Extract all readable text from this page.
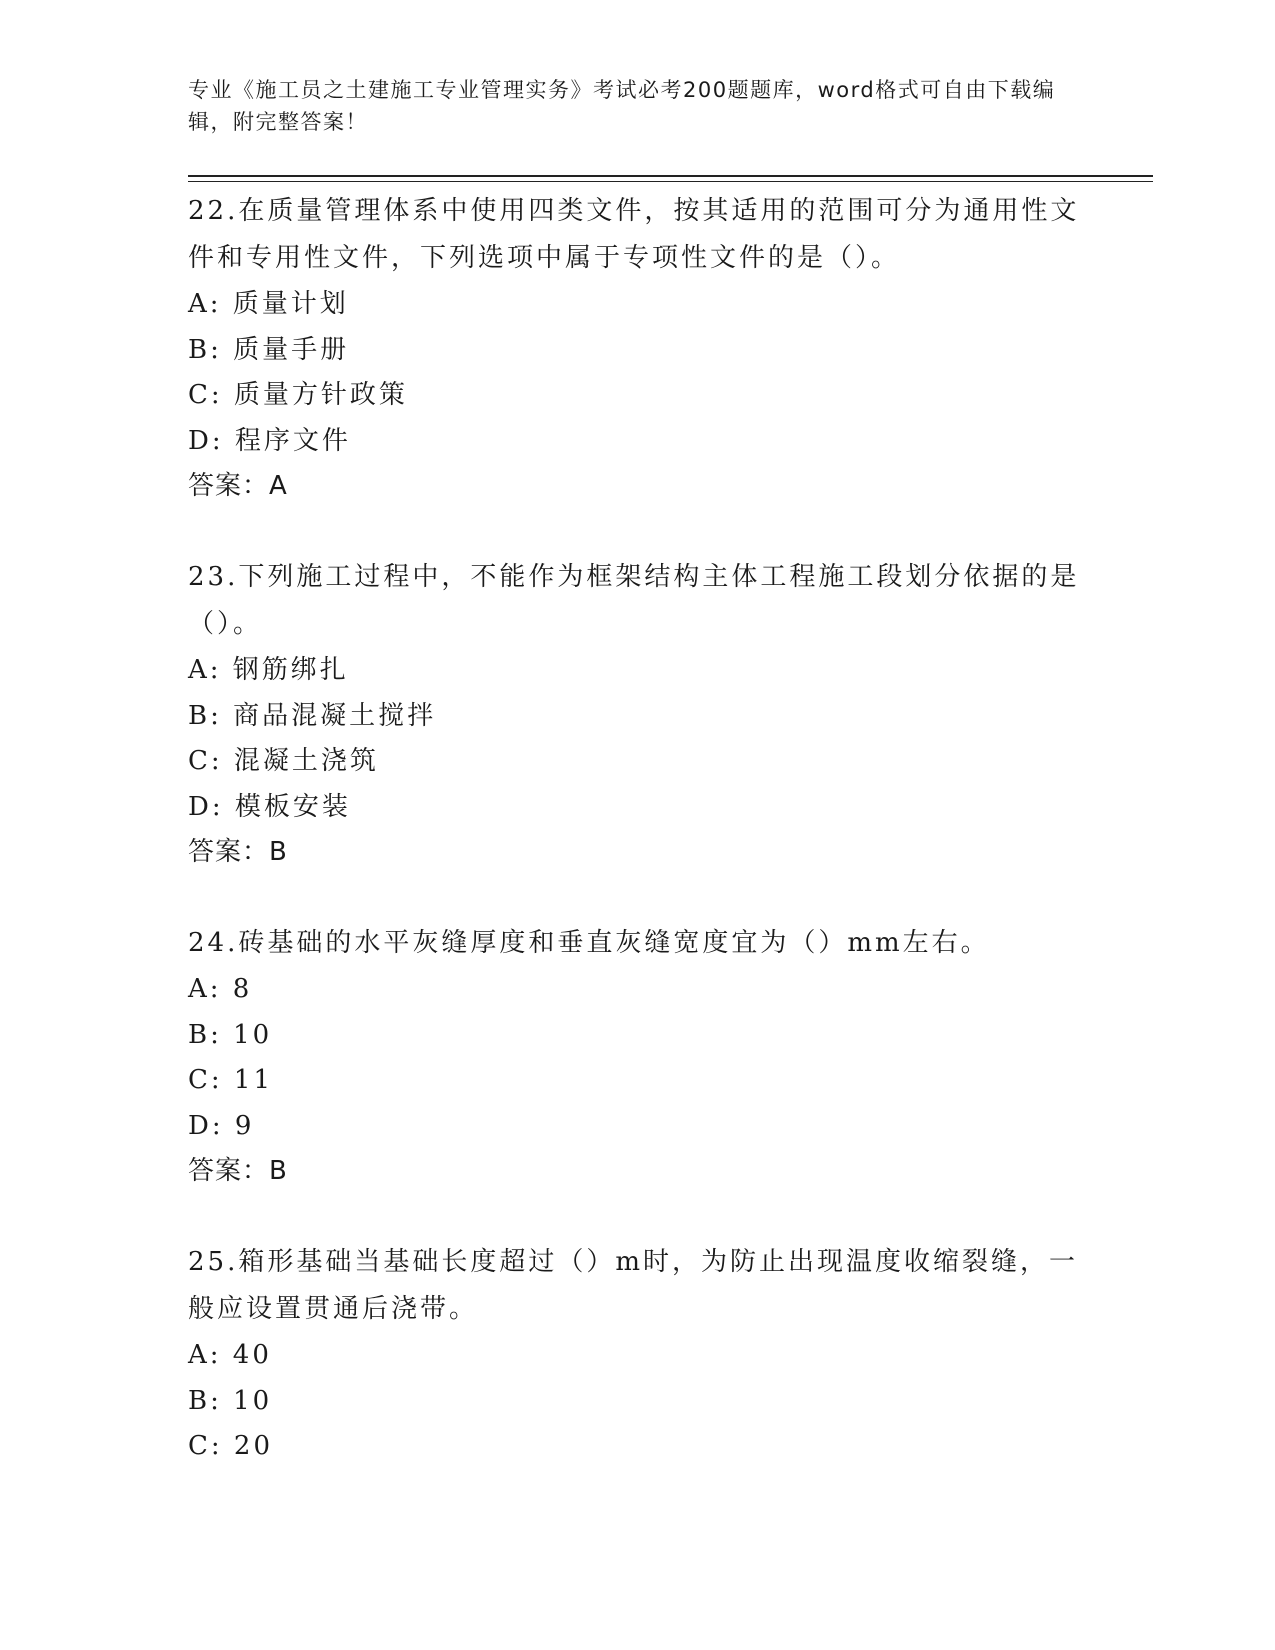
专业《施工员之土建施工专业管理实务》考试必考200题题库，word格式可自由下载编辑，附完整答案！

22.在质量管理体系中使用四类文件，按其适用的范围可分为通用性文件和专用性文件，下列选项中属于专项性文件的是（）。

A: 质量计划

B: 质量手册

C: 质量方针政策

D: 程序文件

答案：A

23.下列施工过程中，不能作为框架结构主体工程施工段划分依据的是（）。

A: 钢筋绑扎

B: 商品混凝土搅拌

C: 混凝土浇筑

D: 模板安装

答案：B

24.砖基础的水平灰缝厚度和垂直灰缝宽度宜为（）mm左右。

A: 8

B: 10

C: 11

D: 9

答案：B

25.箱形基础当基础长度超过（）m时，为防止出现温度收缩裂缝，一般应设置贯通后浇带。

A: 40

B: 10

C: 20
